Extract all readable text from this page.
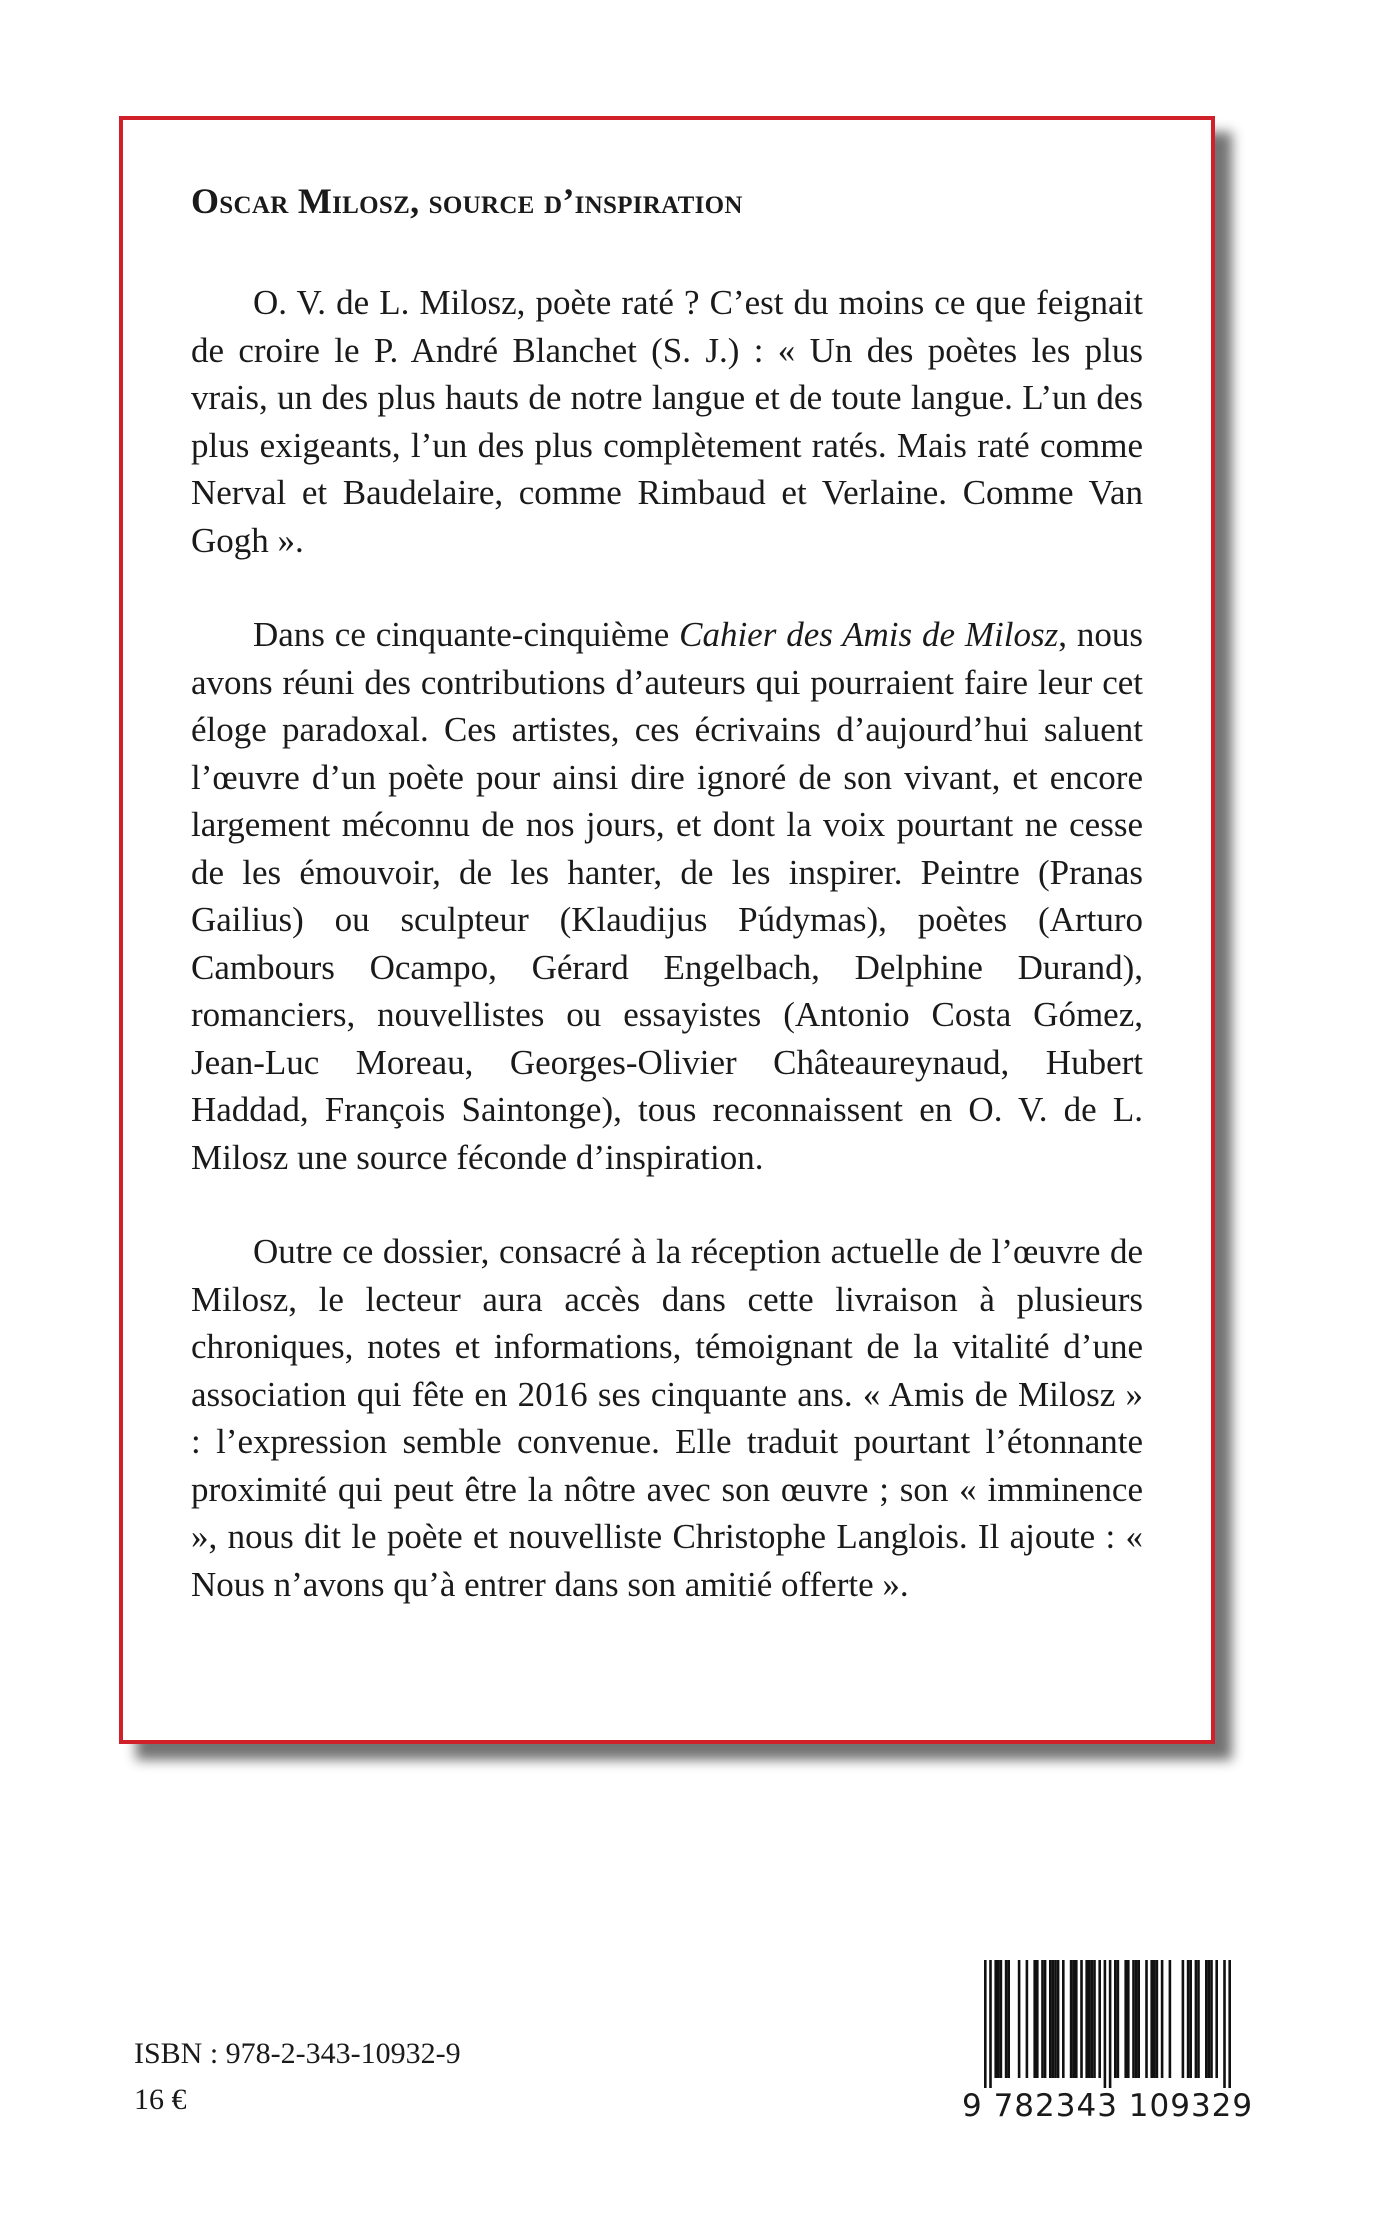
Oscar Milosz, source d’inspiration

O. V. de L. Milosz, poète raté ? C’est du moins ce que feignait de croire le P. André Blanchet (S. J.) : « Un des poètes les plus vrais, un des plus hauts de notre langue et de toute langue. L’un des plus exigeants, l’un des plus complètement ratés. Mais raté comme Nerval et Baudelaire, comme Rimbaud et Verlaine. Comme Van Gogh ».

Dans ce cinquante-cinquième Cahier des Amis de Milosz, nous avons réuni des contributions d’auteurs qui pourraient faire leur cet éloge paradoxal. Ces artistes, ces écrivains d’aujourd’hui saluent l’œuvre d’un poète pour ainsi dire ignoré de son vivant, et encore largement méconnu de nos jours, et dont la voix pourtant ne cesse de les émouvoir, de les hanter, de les inspirer. Peintre (Pranas Gailius) ou sculpteur (Klaudijus Púdymas), poètes (Arturo Cambours Ocampo, Gérard Engelbach, Delphine Durand), romanciers, nouvellistes ou essayistes (Antonio Costa Gómez, Jean-Luc Moreau, Georges-Olivier Châteaureynaud, Hubert Haddad, François Saintonge), tous reconnaissent en O. V. de L. Milosz une source féconde d’inspiration.

Outre ce dossier, consacré à la réception actuelle de l’œuvre de Milosz, le lecteur aura accès dans cette livraison à plusieurs chroniques, notes et informations, témoignant de la vitalité d’une association qui fête en 2016 ses cinquante ans. « Amis de Milosz » : l’expression semble convenue. Elle traduit pourtant l’étonnante proximité qui peut être la nôtre avec son œuvre ; son « imminence », nous dit le poète et nouvelliste Christophe Langlois. Il ajoute : « Nous n’avons qu’à entrer dans son amitié offerte ».

ISBN : 978-2-343-10932-9
16 €	9 782343 109329
